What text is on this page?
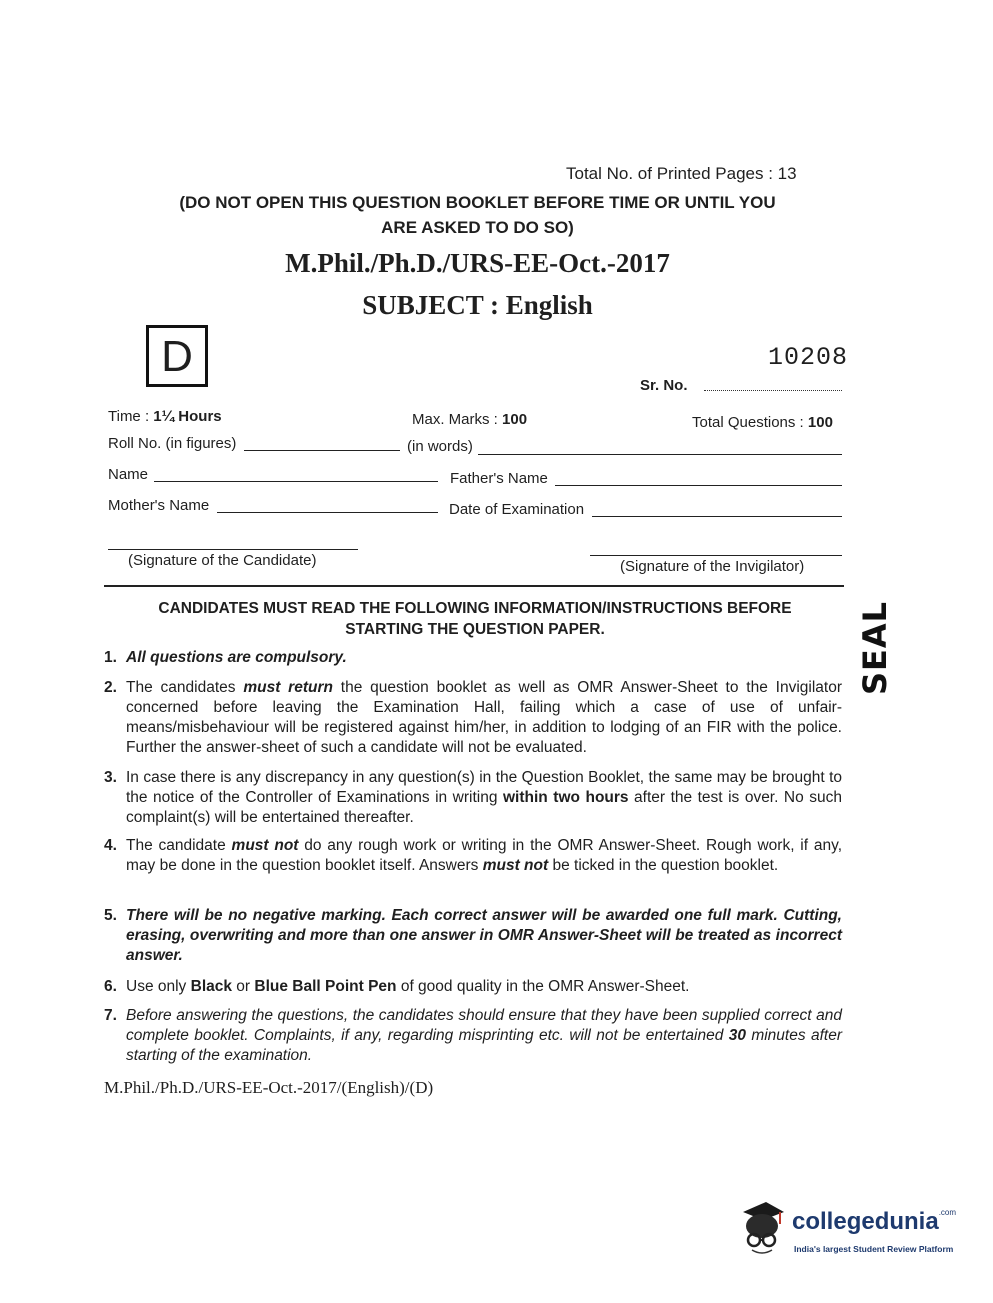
Total No. of Printed Pages : 13
(DO NOT OPEN THIS QUESTION BOOKLET BEFORE TIME OR UNTIL YOU
ARE ASKED TO DO SO)
M.Phil./Ph.D./URS-EE-Oct.-2017
SUBJECT : English
D	10208
Sr. No.
Time : 1¼ Hours	Max. Marks : 100	Total Questions : 100
Roll No. (in figures)	(in words)
Name	Father's Name
Mother's Name	Date of Examination
(Signature of the Candidate)	(Signature of the Invigilator)
CANDIDATES MUST READ THE FOLLOWING INFORMATION/INSTRUCTIONS BEFORE
STARTING THE QUESTION PAPER.
1. All questions are compulsory.
2. The candidates must return the question booklet as well as OMR Answer-Sheet to the Invigilator concerned before leaving the Examination Hall, failing which a case of use of unfair-means/misbehaviour will be registered against him/her, in addition to lodging of an FIR with the police. Further the answer-sheet of such a candidate will not be evaluated.
3. In case there is any discrepancy in any question(s) in the Question Booklet, the same may be brought to the notice of the Controller of Examinations in writing within two hours after the test is over. No such complaint(s) will be entertained thereafter.
4. The candidate must not do any rough work or writing in the OMR Answer-Sheet. Rough work, if any, may be done in the question booklet itself. Answers must not be ticked in the question booklet.
5. There will be no negative marking. Each correct answer will be awarded one full mark. Cutting, erasing, overwriting and more than one answer in OMR Answer-Sheet will be treated as incorrect answer.
6. Use only Black or Blue Ball Point Pen of good quality in the OMR Answer-Sheet.
7. Before answering the questions, the candidates should ensure that they have been supplied correct and complete booklet. Complaints, if any, regarding misprinting etc. will not be entertained 30 minutes after starting of the examination.
M.Phil./Ph.D./URS-EE-Oct.-2017/(English)/(D)
SEAL
collegedunia$^{.com}$
India's largest Student Review Platform
